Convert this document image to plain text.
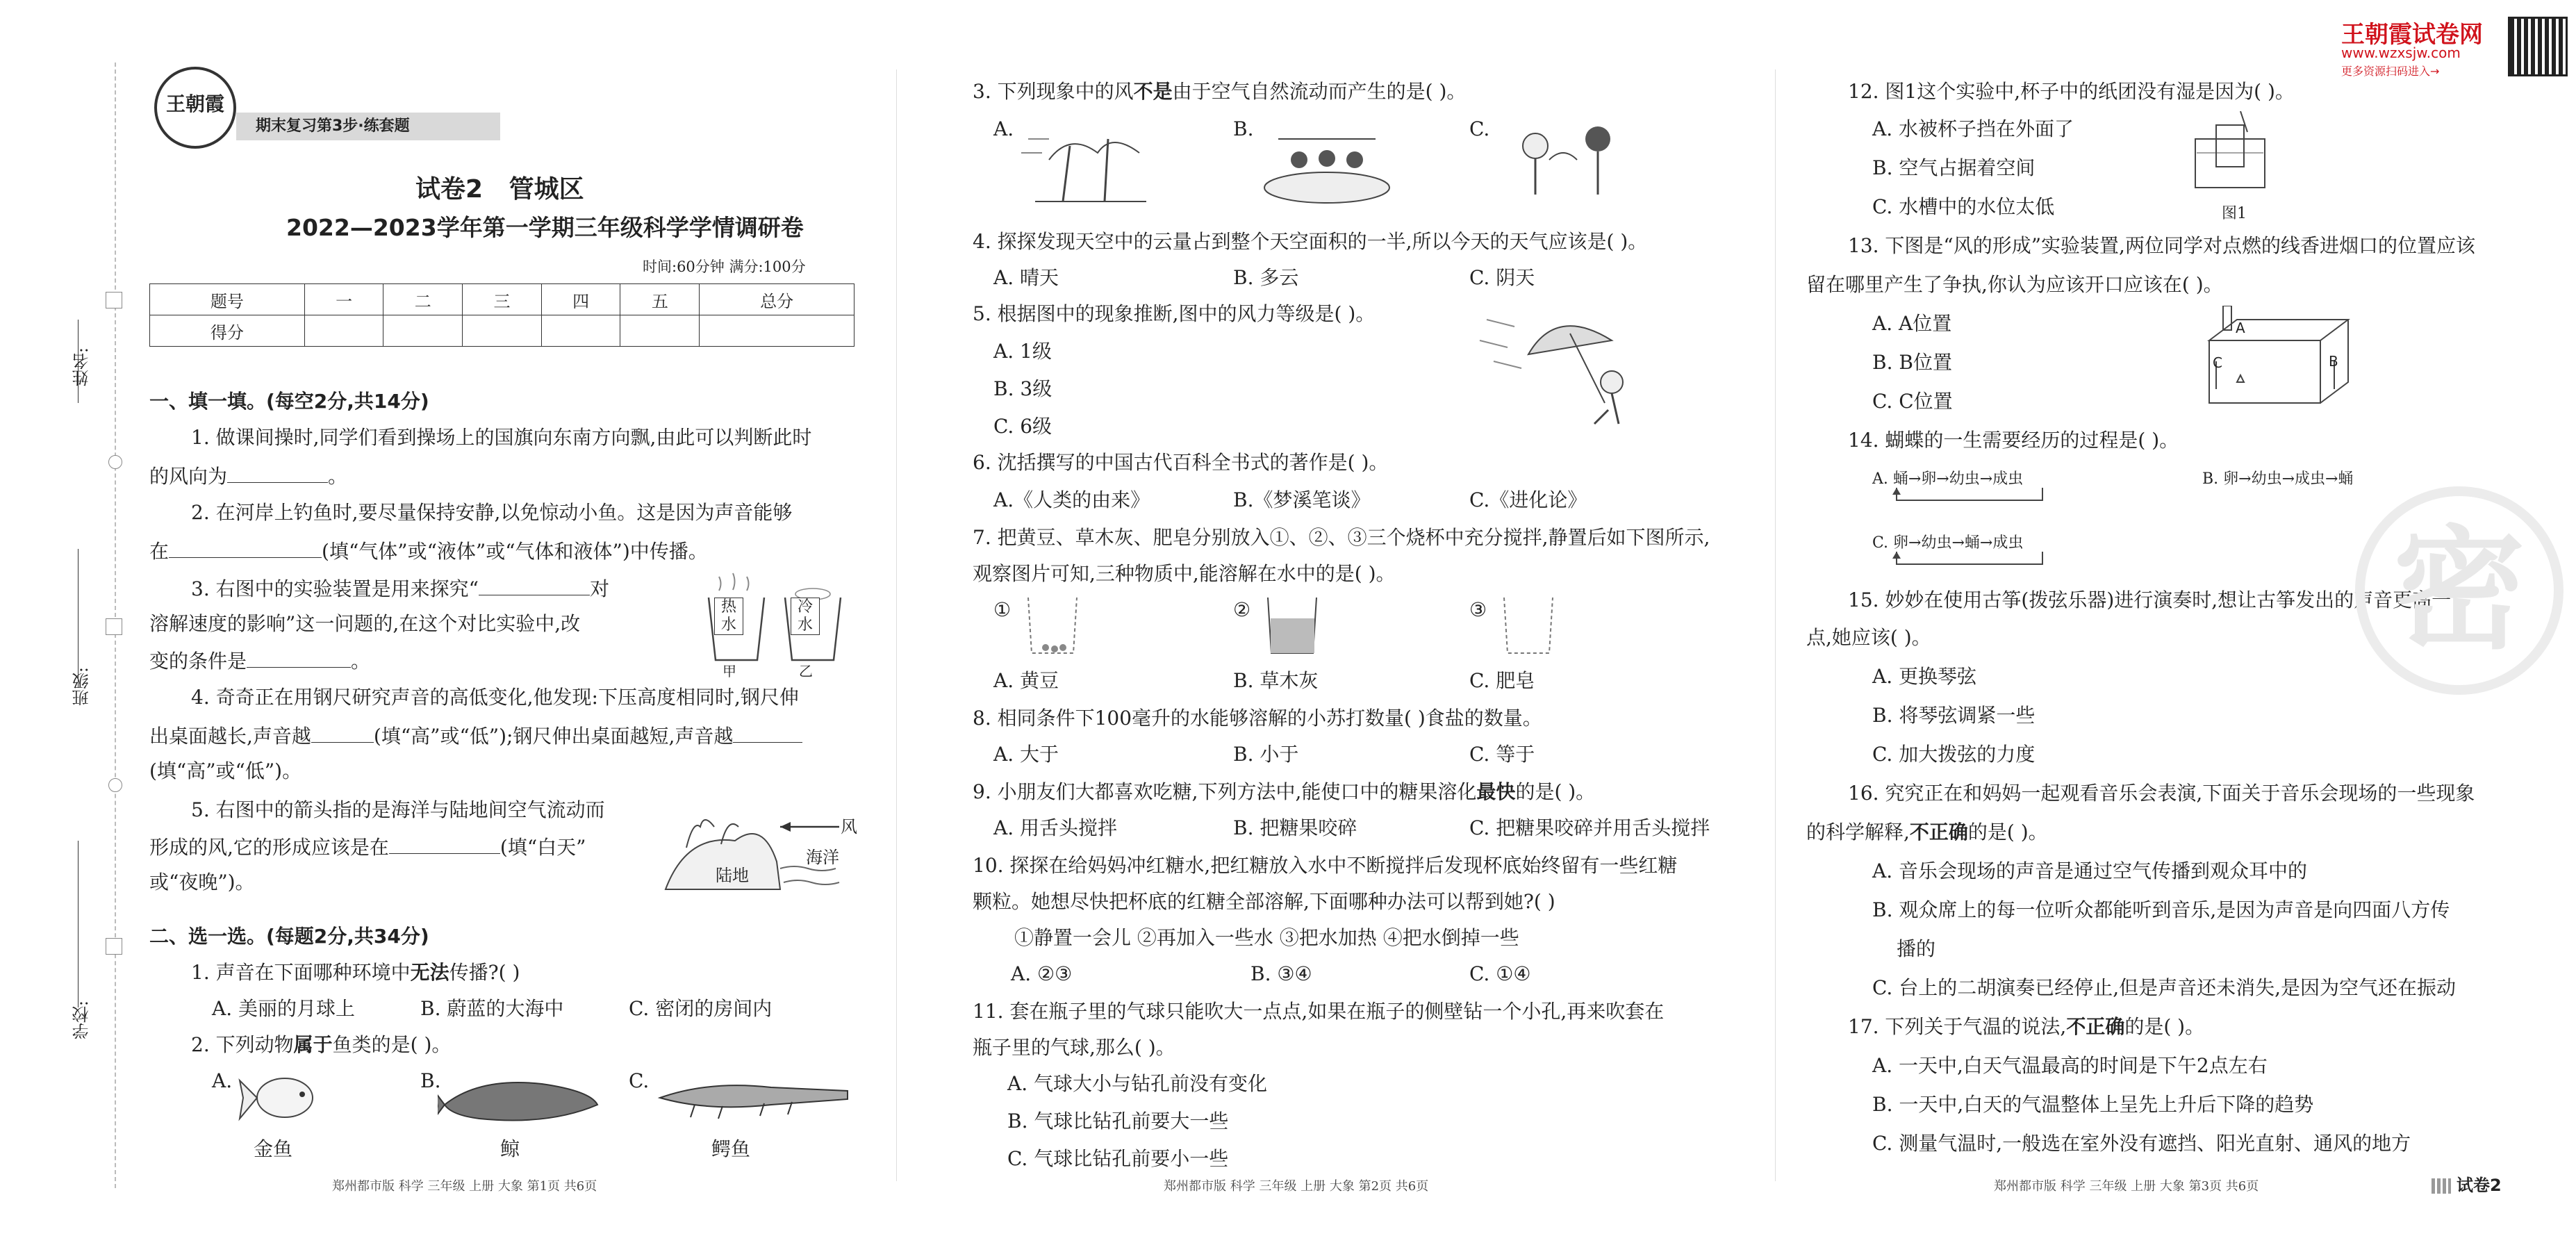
姓名:
班级:
学校:
王朝霞
期末复习第3步·练套题
试卷2 管城区
2022—2023学年第一学期三年级科学学情调研卷
时间:60分钟 满分:100分
题号	一	二	三	四	五	总分
得分						
一、填一填。(每空2分,共14分)
1. 做课间操时,同学们看到操场上的国旗向东南方向飘,由此可以判断此时
的风向为	。
2. 在河岸上钓鱼时,要尽量保持安静,以免惊动小鱼。这是因为声音能够
在	(填“气体”或“液体”或“气体和液体”)中传播。
3. 右图中的实验装置是用来探究“	对
溶解速度的影响”这一问题的,在这个对比实验中,改
变的条件是	。
热水
冷水
甲	乙
4. 奇奇正在用钢尺研究声音的高低变化,他发现:下压高度相同时,钢尺伸
出桌面越长,声音越	(填“高”或“低”);钢尺伸出桌面越短,声音越
(填“高”或“低”)。
5. 右图中的箭头指的是海洋与陆地间空气流动而
形成的风,它的形成应该是在	(填“白天”
或“夜晚”)。
风
海洋
陆地
二、选一选。(每题2分,共34分)
1. 声音在下面哪种环境中无法传播?( )
A. 美丽的月球上	B. 蔚蓝的大海中	C. 密闭的房间内
2. 下列动物属于鱼类的是( )。
A.	B.	C.
金鱼	鲸	鳄鱼
郑州都市版 科学 三年级 上册 大象 第1页 共6页
3. 下列现象中的风不是由于空气自然流动而产生的是( )。
A.	B.	C.
4. 探探发现天空中的云量占到整个天空面积的一半,所以今天的天气应该是( )。
A. 晴天	B. 多云	C. 阴天
5. 根据图中的现象推断,图中的风力等级是( )。
A. 1级
B. 3级
C. 6级
6. 沈括撰写的中国古代百科全书式的著作是( )。
A.《人类的由来》	B.《梦溪笔谈》	C.《进化论》
7. 把黄豆、草木灰、肥皂分别放入①、②、③三个烧杯中充分搅拌,静置后如下图所示,
观察图片可知,三种物质中,能溶解在水中的是( )。
①	②	③
A. 黄豆	B. 草木灰	C. 肥皂
8. 相同条件下100毫升的水能够溶解的小苏打数量( )食盐的数量。
A. 大于	B. 小于	C. 等于
9. 小朋友们大都喜欢吃糖,下列方法中,能使口中的糖果溶化最快的是( )。
A. 用舌头搅拌	B. 把糖果咬碎	C. 把糖果咬碎并用舌头搅拌
10. 探探在给妈妈冲红糖水,把红糖放入水中不断搅拌后发现杯底始终留有一些红糖
颗粒。她想尽快把杯底的红糖全部溶解,下面哪种办法可以帮到她?( )
①静置一会儿 ②再加入一些水 ③把水加热 ④把水倒掉一些
A. ②③	B. ③④	C. ①④
11. 套在瓶子里的气球只能吹大一点点,如果在瓶子的侧壁钻一个小孔,再来吹套在
瓶子里的气球,那么( )。
A. 气球大小与钻孔前没有变化
B. 气球比钻孔前要大一些
C. 气球比钻孔前要小一些
郑州都市版 科学 三年级 上册 大象 第2页 共6页
王朝霞试卷网
www.wzxsjw.com
更多资源扫码进入→
12. 图1这个实验中,杯子中的纸团没有湿是因为( )。
A. 水被杯子挡在外面了
B. 空气占据着空间
C. 水槽中的水位太低	图1
13. 下图是“风的形成”实验装置,两位同学对点燃的线香进烟口的位置应该
留在哪里产生了争执,你认为应该开口应该在( )。
A. A位置
B. B位置
C. C位置
C
A
B
14. 蝴蝶的一生需要经历的过程是( )。
A. 蛹→卵→幼虫→成虫	B. 卵→幼虫→成虫→蛹
C. 卵→幼虫→蛹→成虫
15. 妙妙在使用古筝(拨弦乐器)进行演奏时,想让古筝发出的声音更高一
点,她应该( )。
A. 更换琴弦
B. 将琴弦调紧一些
C. 加大拨弦的力度
16. 究究正在和妈妈一起观看音乐会表演,下面关于音乐会现场的一些现象
的科学解释,不正确的是( )。
A. 音乐会现场的声音是通过空气传播到观众耳中的
B. 观众席上的每一位听众都能听到音乐,是因为声音是向四面八方传
播的
C. 台上的二胡演奏已经停止,但是声音还未消失,是因为空气还在振动
17. 下列关于气温的说法,不正确的是( )。
A. 一天中,白天气温最高的时间是下午2点左右
B. 一天中,白天的气温整体上呈先上升后下降的趋势
C. 测量气温时,一般选在室外没有遮挡、阳光直射、通风的地方
密
郑州都市版 科学 三年级 上册 大象 第3页 共6页	试卷2
